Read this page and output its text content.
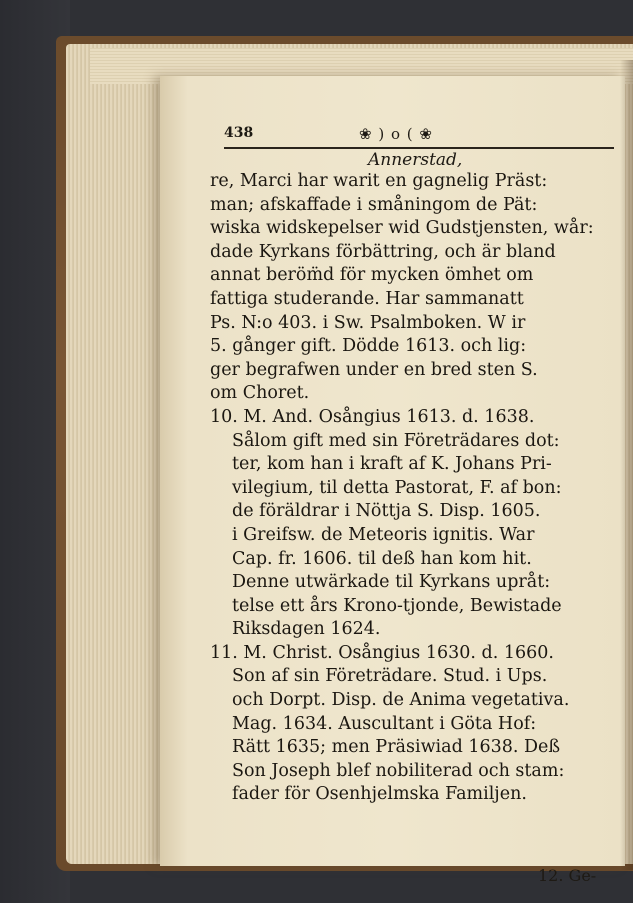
438	❀ ) o ( ❀
Annerstad,
re, Marci har warit en gagnelig Präst:
man; afskaffade i småningom de Pät:
wiska widskepelser wid Gudstjensten, wår:
dade Kyrkans förbättring, och är bland
annat beröm̈d för mycken ömhet om
fattiga studerande. Har sammanatt
Ps. N:o 403. i Sw. Psalmboken. W ir
5. gånger gift. Dödde 1613. och lig:
ger begrafwen under en bred sten S.
om Choret.
10. M. And. Osångius 1613. d. 1638.
Sålom gift med sin Företrädares dot:
ter, kom han i kraft af K. Johans Pri-
vilegium, til detta Pastorat, F. af bon:
de föräldrar i Nöttja S. Disp. 1605.
i Greifsw. de Meteoris ignitis. War
Cap. fr. 1606. til deß han kom hit.
Denne utwärkade til Kyrkans upråt:
telse ett års Krono-tjonde, Bewistade
Riksdagen 1624.
11. M. Christ. Osångius 1630. d. 1660.
Son af sin Företrädare. Stud. i Ups.
och Dorpt. Disp. de Anima vegetativa.
Mag. 1634. Auscultant i Göta Hof:
Rätt 1635; men Präsiwiad 1638. Deß
Son Joseph blef nobiliterad och stam:
fader för Osenhjelmska Familjen.
12. Ge-
